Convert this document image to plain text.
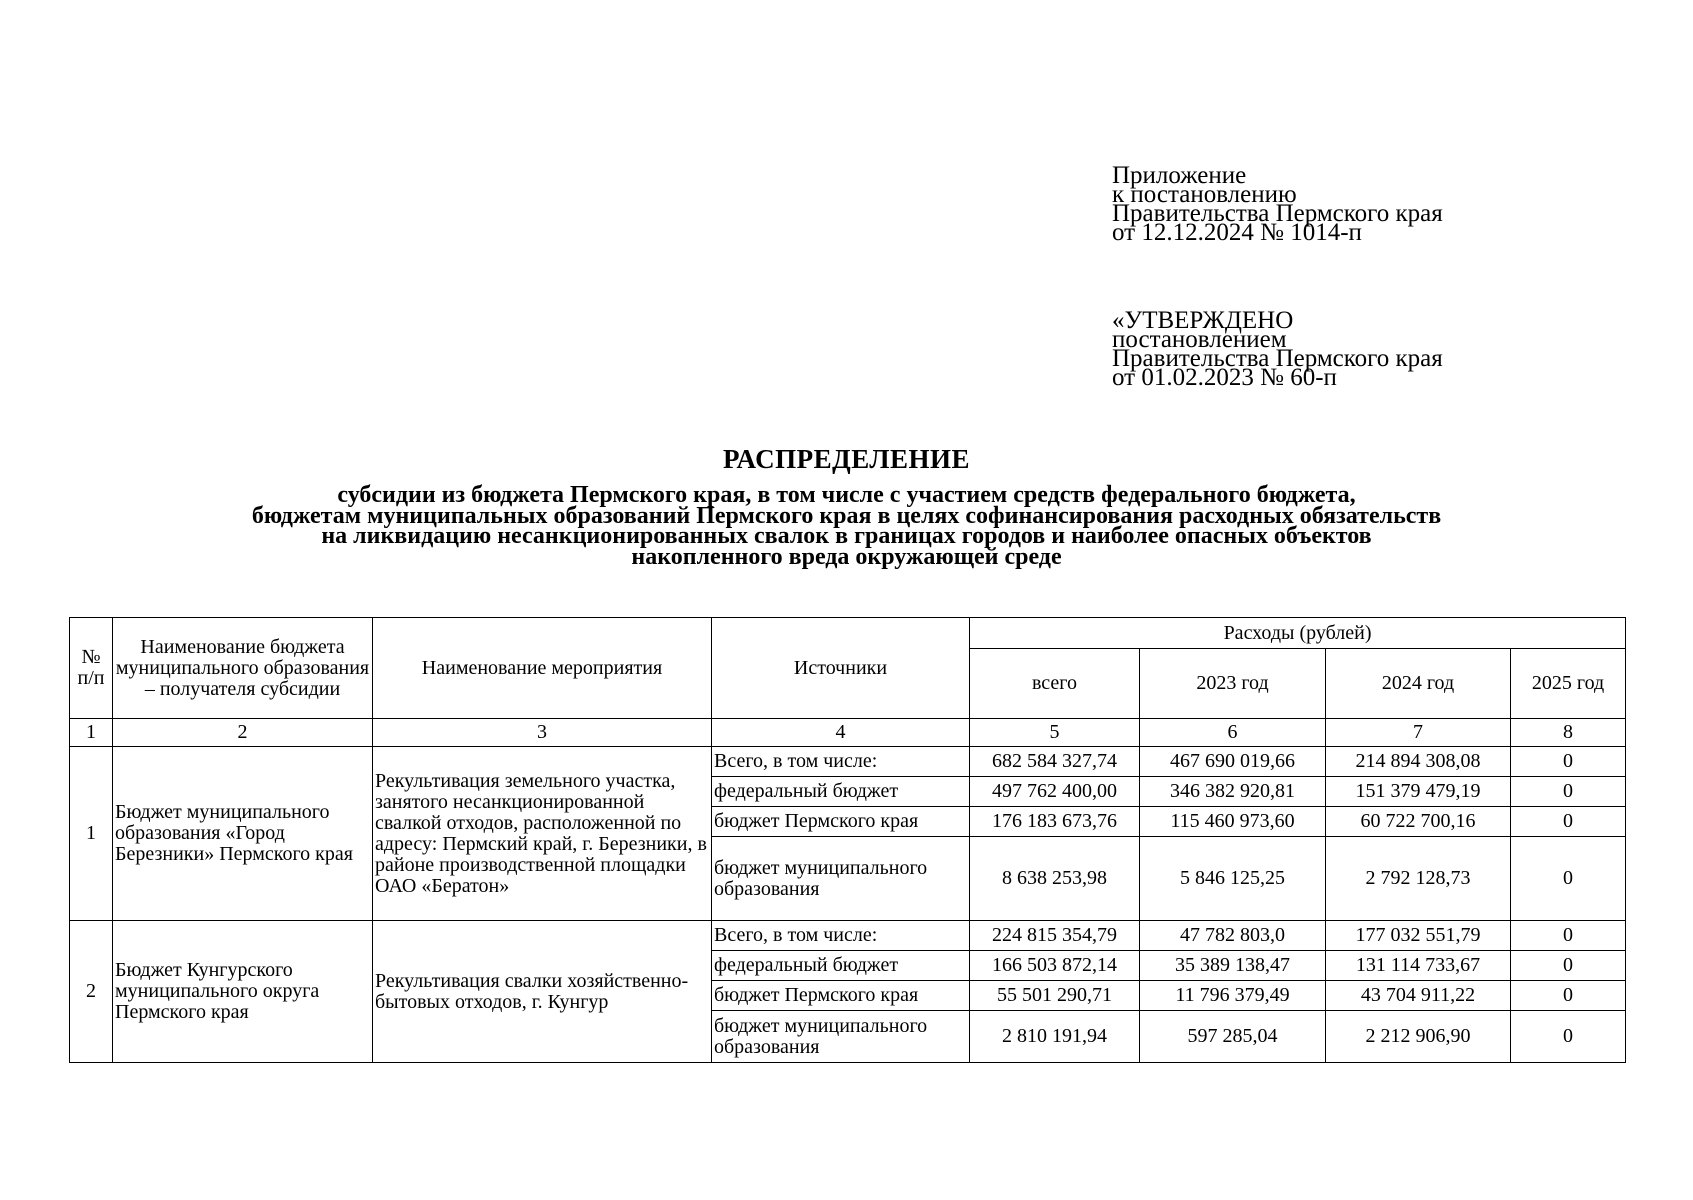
Приложение
к постановлению
Правительства Пермского края
от 12.12.2024 № 1014-п
«УТВЕРЖДЕНО
постановлением
Правительства Пермского края
от 01.02.2023 № 60-п
РАСПРЕДЕЛЕНИЕ
субсидии из бюджета Пермского края, в том числе с участием средств федерального бюджета,
бюджетам муниципальных образований Пермского края в целях софинансирования расходных обязательств
на ликвидацию несанкционированных свалок в границах городов и наиболее опасных объектов
накопленного вреда окружающей среде
№ п/п	Наименование бюджета муниципального образования – получателя субсидии	Наименование мероприятия	Источники	Расходы (рублей)			
				всего	2023 год	2024 год	2025 год
1	2	3	4	5	6	7	8
1	Бюджет муниципального образования «Город Березники» Пермского края	Рекультивация земельного участка, занятого несанкционированной свалкой отходов, расположенной по адресу: Пермский край, г. Березники, в районе производственной площадки ОАО «Бератон»	Всего, в том числе:	682 584 327,74	467 690 019,66	214 894 308,08	0
			федеральный бюджет	497 762 400,00	346 382 920,81	151 379 479,19	0
			бюджет Пермского края	176 183 673,76	115 460 973,60	60 722 700,16	0
			бюджет муниципального образования	8 638 253,98	5 846 125,25	2 792 128,73	0
2	Бюджет Кунгурского муниципального округа Пермского края	Рекультивация свалки хозяйственно-бытовых отходов, г. Кунгур	Всего, в том числе:	224 815 354,79	47 782 803,0	177 032 551,79	0
			федеральный бюджет	166 503 872,14	35 389 138,47	131 114 733,67	0
			бюджет Пермского края	55 501 290,71	11 796 379,49	43 704 911,22	0
			бюджет муниципального образования	2 810 191,94	597 285,04	2 212 906,90	0
